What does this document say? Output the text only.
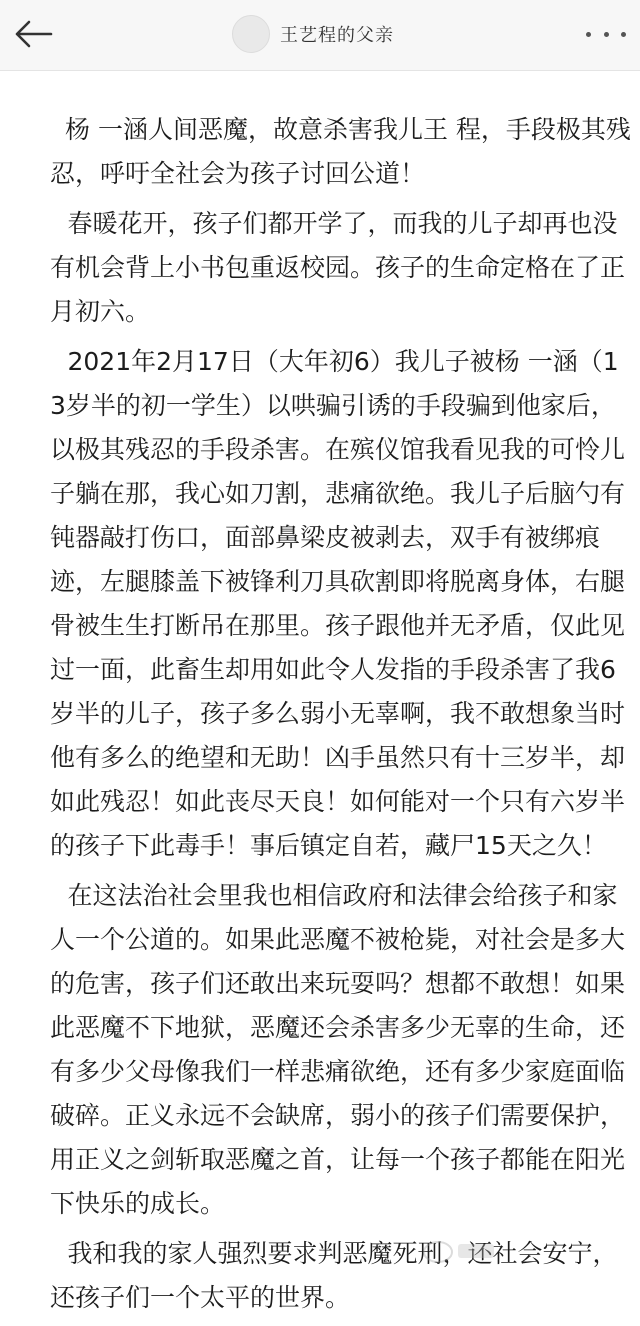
王艺程的父亲

杨 一涵人间恶魔，故意杀害我儿王 程，手段极其残忍，呼吁全社会为孩子讨回公道！

春暖花开，孩子们都开学了，而我的儿子却再也没有机会背上小书包重返校园。孩子的生命定格在了正月初六。

2021年2月17日（大年初6）我儿子被杨 一涵（13岁半的初一学生）以哄骗引诱的手段骗到他家后，以极其残忍的手段杀害。在殡仪馆我看见我的可怜儿子躺在那，我心如刀割，悲痛欲绝。我儿子后脑勺有钝器敲打伤口，面部鼻梁皮被剥去，双手有被绑痕迹，左腿膝盖下被锋利刀具砍割即将脱离身体，右腿骨被生生打断吊在那里。孩子跟他并无矛盾，仅此见过一面，此畜生却用如此令人发指的手段杀害了我6岁半的儿子，孩子多么弱小无辜啊，我不敢想象当时他有多么的绝望和无助！凶手虽然只有十三岁半，却如此残忍！如此丧尽天良！如何能对一个只有六岁半的孩子下此毒手！事后镇定自若，藏尸15天之久！

在这法治社会里我也相信政府和法律会给孩子和家人一个公道的。如果此恶魔不被枪毙，对社会是多大的危害，孩子们还敢出来玩耍吗？想都不敢想！如果此恶魔不下地狱，恶魔还会杀害多少无辜的生命，还有多少父母像我们一样悲痛欲绝，还有多少家庭面临破碎。正义永远不会缺席，弱小的孩子们需要保护，用正义之剑斩取恶魔之首，让每一个孩子都能在阳光下快乐的成长。

我和我的家人强烈要求判恶魔死刑，还社会安宁，还孩子们一个太平的世界。
